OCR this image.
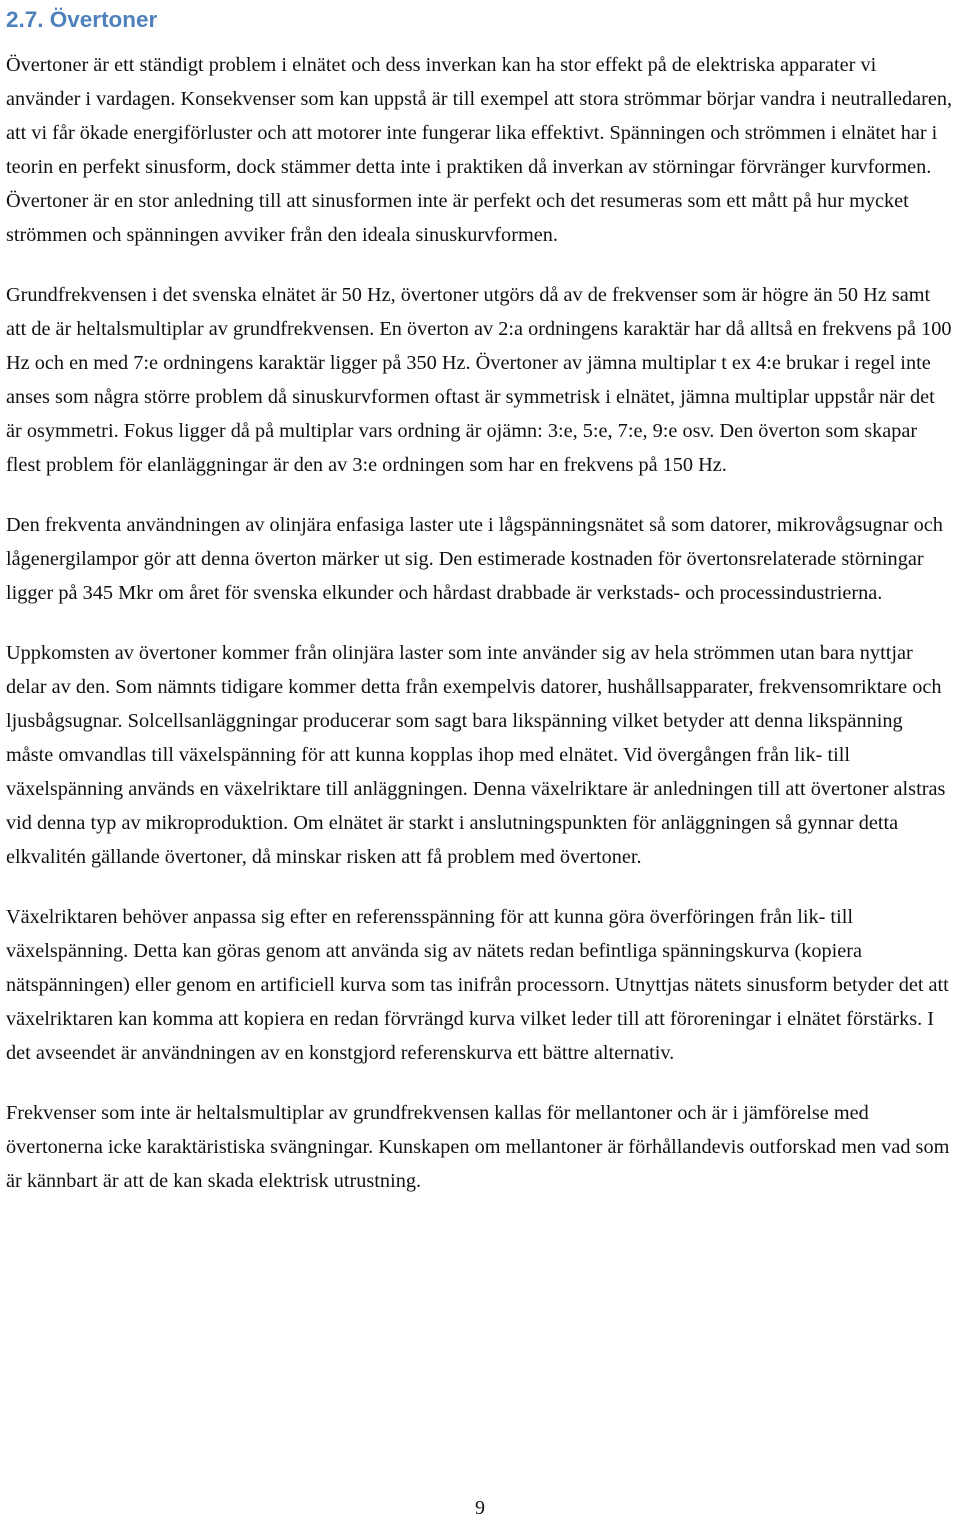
2.7. Övertoner

Övertoner är ett ständigt problem i elnätet och dess inverkan kan ha stor effekt på de elektriska apparater vi använder i vardagen. Konsekvenser som kan uppstå är till exempel att stora strömmar börjar vandra i neutralledaren, att vi får ökade energiförluster och att motorer inte fungerar lika effektivt. Spänningen och strömmen i elnätet har i teorin en perfekt sinusform, dock stämmer detta inte i praktiken då inverkan av störningar förvränger kurvformen. Övertoner är en stor anledning till att sinusformen inte är perfekt och det resumeras som ett mått på hur mycket strömmen och spänningen avviker från den ideala sinuskurvformen.

Grundfrekvensen i det svenska elnätet är 50 Hz, övertoner utgörs då av de frekvenser som är högre än 50 Hz samt att de är heltalsmultiplar av grundfrekvensen. En överton av 2:a ordningens karaktär har då alltså en frekvens på 100 Hz och en med 7:e ordningens karaktär ligger på 350 Hz. Övertoner av jämna multiplar t ex 4:e brukar i regel inte anses som några större problem då sinuskurvformen oftast är symmetrisk i elnätet, jämna multiplar uppstår när det är osymmetri. Fokus ligger då på multiplar vars ordning är ojämn: 3:e, 5:e, 7:e, 9:e osv. Den överton som skapar flest problem för elanläggningar är den av 3:e ordningen som har en frekvens på 150 Hz.

Den frekventa användningen av olinjära enfasiga laster ute i lågspänningsnätet så som datorer, mikrovågsugnar och lågenergilampor gör att denna överton märker ut sig. Den estimerade kostnaden för övertonsrelaterade störningar ligger på 345 Mkr om året för svenska elkunder och hårdast drabbade är verkstads- och processindustrierna.

Uppkomsten av övertoner kommer från olinjära laster som inte använder sig av hela strömmen utan bara nyttjar delar av den. Som nämnts tidigare kommer detta från exempelvis datorer, hushållsapparater, frekvensomriktare och ljusbågsugnar. Solcellsanläggningar producerar som sagt bara likspänning vilket betyder att denna likspänning måste omvandlas till växelspänning för att kunna kopplas ihop med elnätet. Vid övergången från lik- till växelspänning används en växelriktare till anläggningen. Denna växelriktare är anledningen till att övertoner alstras vid denna typ av mikroproduktion. Om elnätet är starkt i anslutningspunkten för anläggningen så gynnar detta elkvalitén gällande övertoner, då minskar risken att få problem med övertoner.

Växelriktaren behöver anpassa sig efter en referensspänning för att kunna göra överföringen från lik- till växelspänning. Detta kan göras genom att använda sig av nätets redan befintliga spänningskurva (kopiera nätspänningen) eller genom en artificiell kurva som tas inifrån processorn. Utnyttjas nätets sinusform betyder det att växelriktaren kan komma att kopiera en redan förvrängd kurva vilket leder till att föroreningar i elnätet förstärks. I det avseendet är användningen av en konstgjord referenskurva ett bättre alternativ.

Frekvenser som inte är heltalsmultiplar av grundfrekvensen kallas för mellantoner och är i jämförelse med övertonerna icke karaktäristiska svängningar. Kunskapen om mellantoner är förhållandevis outforskad men vad som är kännbart är att de kan skada elektrisk utrustning.

9
